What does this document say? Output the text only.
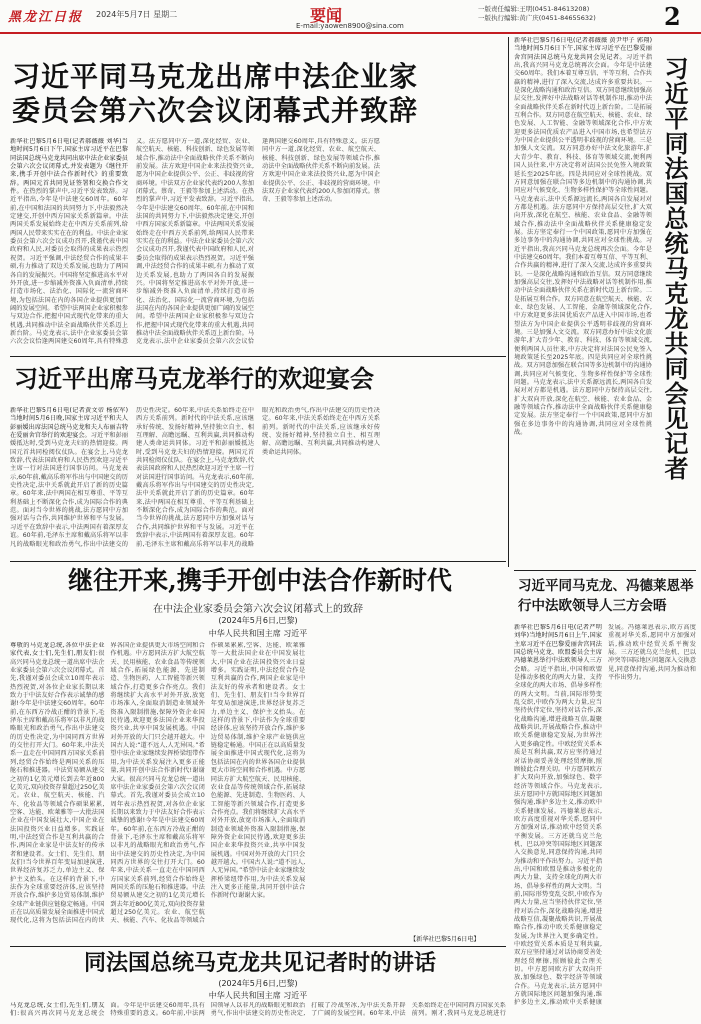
黑龙江日报 2024年5月7日 星期二	要闻
E-mail:yaowen8900@sina.com
一版责任编辑:王明(0451-84613208)
一版执行编辑:黄广庆(0451-84655632)	2
习近平同马克龙出席中法企业家
委员会第六次会议闭幕式并致辞
新华社巴黎5月6日电(记者郝薇薇 刘华)当地时间5月6日下午,国家主席习近平在巴黎同法国总统马克龙共同出席中法企业家委员会第六次会议闭幕式,并发表题为《继往开来,携手开创中法合作新时代》的重要致辞。两国元首共同见证签署和交换合作文件。在热烈的掌声中,习近平发表致辞。习近平指出,今年是中法建交60周年。60年前,在中国和法国的共同努力下,中法毅然决定建交,开创中西方国家关系新篇章。中法两国关系发展始终走在中西方关系前列,给两国人民带来实实在在的利益。中法企业家委员会第六次会议成功召开,我谨代表中国政府和人民,对委员会取得的成果表示热烈祝贺。习近平强调,中法经贸合作的成果丰硕,有力推动了双边关系发展,也助力了两国各自的发展振兴。中国将坚定推进高水平对外开放,进一步缩减外资准入负面清单,持续打造市场化、法治化、国际化一流营商环境,为包括法国在内的各国企业提供更加广阔的发展空间。希望中法两国企业家积极参与双边合作,把握中国式现代化带来的重大机遇,共同推动中法全面战略伙伴关系迈上新台阶。马克龙表示,法中企业家委员会第六次会议恰逢两国建交60周年,具有特殊意义。法方愿同中方一道,深化经贸、农业、航空航天、核能、科技创新、绿色发展等领域合作,推动法中全面战略伙伴关系不断向前发展。法方欢迎中国企业来法投资兴业,愿为中国企业提供公平、公正、非歧视的营商环境。中法双方企业家代表约200人参加闭幕式。蔡奇、王毅等参加上述活动。在热烈的掌声中,习近平发表致辞。习近平指出,今年是中法建交60周年。60年前,在中国和法国的共同努力下,中法毅然决定建交,开创中西方国家关系新篇章。中法两国关系发展始终走在中西方关系前列,给两国人民带来实实在在的利益。中法企业家委员会第六次会议成功召开,我谨代表中国政府和人民,对委员会取得的成果表示热烈祝贺。习近平强调,中法经贸合作的成果丰硕,有力推动了双边关系发展,也助力了两国各自的发展振兴。中国将坚定推进高水平对外开放,进一步缩减外资准入负面清单,持续打造市场化、法治化、国际化一流营商环境,为包括法国在内的各国企业提供更加广阔的发展空间。希望中法两国企业家积极参与双边合作,把握中国式现代化带来的重大机遇,共同推动中法全面战略伙伴关系迈上新台阶。马克龙表示,法中企业家委员会第六次会议恰逢两国建交60周年,具有特殊意义。法方愿同中方一道,深化经贸、农业、航空航天、核能、科技创新、绿色发展等领域合作,推动法中全面战略伙伴关系不断向前发展。法方欢迎中国企业来法投资兴业,愿为中国企业提供公平、公正、非歧视的营商环境。中法双方企业家代表约200人参加闭幕式。蔡奇、王毅等参加上述活动。
新华社巴黎5月6日电(记者郝薇薇 黄尹甲子 郭翔)当地时间5月6日下午,国家主席习近平在巴黎爱丽舍宫同法国总统马克龙共同会见记者。习近平指出,我高兴同马克龙总统再次会面。今年是中法建交60周年。我们本着互尊互信、平等互利、合作共赢的精神,进行了深入交流,达成许多重要共识。一是深化战略沟通和政治互信。双方同意继续加强高层交往,发挥好中法战略对话等机制作用,推动中法全面战略伙伴关系在新时代迈上新台阶。二是拓展互利合作。双方同意在航空航天、核能、农业、绿色发展、人工智能、金融等领域深化合作,中方欢迎更多法国优质农产品进入中国市场,也希望法方为中国企业提供公平透明非歧视的营商环境。三是加强人文交流。双方同意办好中法文化旅游年,扩大青少年、教育、科技、体育等领域交流,便利两国人员往来,中方决定将对法国公民免签入境政策延长至2025年底。四是共同应对全球性挑战。双方同意加强在联合国等多边机制中的沟通协调,共同应对气候变化、生物多样性保护等全球性问题。马克龙表示,法中关系源远流长,两国各自发展对对方都是机遇。法方愿同中方保持高层交往,扩大双向开放,深化在航空、核能、农业食品、金融等领域合作,推动法中全面战略伙伴关系健康稳定发展。法方坚定奉行一个中国政策,愿同中方加强在多边事务中的沟通协调,共同应对全球性挑战。习近平指出,我高兴同马克龙总统再次会面。今年是中法建交60周年。我们本着互尊互信、平等互利、合作共赢的精神,进行了深入交流,达成许多重要共识。一是深化战略沟通和政治互信。双方同意继续加强高层交往,发挥好中法战略对话等机制作用,推动中法全面战略伙伴关系在新时代迈上新台阶。二是拓展互利合作。双方同意在航空航天、核能、农业、绿色发展、人工智能、金融等领域深化合作,中方欢迎更多法国优质农产品进入中国市场,也希望法方为中国企业提供公平透明非歧视的营商环境。三是加强人文交流。双方同意办好中法文化旅游年,扩大青少年、教育、科技、体育等领域交流,便利两国人员往来,中方决定将对法国公民免签入境政策延长至2025年底。四是共同应对全球性挑战。双方同意加强在联合国等多边机制中的沟通协调,共同应对气候变化、生物多样性保护等全球性问题。马克龙表示,法中关系源远流长,两国各自发展对对方都是机遇。法方愿同中方保持高层交往,扩大双向开放,深化在航空、核能、农业食品、金融等领域合作,推动法中全面战略伙伴关系健康稳定发展。法方坚定奉行一个中国政策,愿同中方加强在多边事务中的沟通协调,共同应对全球性挑战。	习近平同法国总统马克龙共同会见记者
习近平出席马克龙举行的欢迎宴会
新华社巴黎5月6日电(记者黄文帝 杨依军)当地时间5月6日晚,国家主席习近平和夫人彭丽媛出席法国总统马克龙和夫人布丽吉特在爱丽舍宫举行的欢迎宴会。习近平和彭丽媛抵达时,受到马克龙夫妇的热情迎接。两国元首共同检阅仪仗队。在宴会上,马克龙致辞,代表法国政府和人民热烈欢迎习近平主席一行对法国进行国事访问。马克龙表示,60年前,戴高乐将军作出与中国建交的历史性决定,法中关系就此开启了新的历史篇章。60年来,法中两国在相互尊重、平等互利基础上不断深化合作,成为国际合作的典范。面对当今世界的挑战,法方愿同中方加强对话与合作,共同维护世界和平与发展。习近平在致辞中表示,中法两国有着深厚友谊。60年前,毛泽东主席和戴高乐将军以非凡的战略眼光和政治勇气,作出中法建交的历史性决定。60年来,中法关系始终走在中西方关系前列。新时代的中法关系,应该继承好传统、发扬好精神,坚持独立自主、相互理解、高瞻远瞩、互利共赢,共同推动构建人类命运共同体。习近平和彭丽媛抵达时,受到马克龙夫妇的热情迎接。两国元首共同检阅仪仗队。在宴会上,马克龙致辞,代表法国政府和人民热烈欢迎习近平主席一行对法国进行国事访问。马克龙表示,60年前,戴高乐将军作出与中国建交的历史性决定,法中关系就此开启了新的历史篇章。60年来,法中两国在相互尊重、平等互利基础上不断深化合作,成为国际合作的典范。面对当今世界的挑战,法方愿同中方加强对话与合作,共同维护世界和平与发展。习近平在致辞中表示,中法两国有着深厚友谊。60年前,毛泽东主席和戴高乐将军以非凡的战略眼光和政治勇气,作出中法建交的历史性决定。60年来,中法关系始终走在中西方关系前列。新时代的中法关系,应该继承好传统、发扬好精神,坚持独立自主、相互理解、高瞻远瞩、互利共赢,共同推动构建人类命运共同体。
继往开来,携手开创中法合作新时代
在中法企业家委员会第六次会议闭幕式上的致辞
(2024年5月6日,巴黎)
中华人民共和国主席 习近平
尊敬的马克龙总统,各位中法企业家代表,女士们,先生们,朋友们:很高兴同马克龙总统一道出席中法企业家委员会第六次会议闭幕式。首先,我谨对委员会成立10周年表示热烈祝贺,对各位企业家长期以来致力于中法友好合作表示诚挚的感谢!今年是中法建交60周年。60年前,在东西方冷战正酣的背景下,毛泽东主席和戴高乐将军以非凡的战略眼光和政治勇气,作出中法建交的历史性决定,为中国同西方世界的交往打开大门。60年来,中法关系一直走在中国同西方国家关系前列,经贸合作始终是两国关系的压舱石和推进器。中法贸易额从建交之初的1亿美元增长到去年近800亿美元,双向投资存量超过250亿美元。农业、航空航天、核能、汽车、化妆品等领域合作硕果累累,空客、达能、欧莱雅等一大批法国企业在中国发展壮大,中国企业在法国投资兴业日益增多。实践证明,中法经贸合作是互利共赢的合作,两国企业家是中法友好的传承者和建设者。女士们、先生们、朋友们!当今世界百年变局加速演进,世界经济复苏乏力,单边主义、保护主义抬头。在这样的背景下,中法作为全球重要经济体,应该坚持开放合作,维护多边贸易体制,维护全球产业链供应链稳定畅通。中国正在以高质量发展全面推进中国式现代化,这将为包括法国在内的世界各国企业提供更大市场空间和合作机遇。中方愿同法方扩大航空航天、民用核能、农业食品等传统领域合作,拓展绿色能源、先进制造、生物医药、人工智能等新兴领域合作,打造更多合作亮点。我们将继续扩大高水平对外开放,放宽市场准入,全面取消制造业领域外资准入限制措施,保障外资企业国民待遇,欢迎更多法国企业来华投资兴业,共享中国发展机遇。中国对外开放的大门只会越开越大。中国古人说:“道不远人,人无异国。”希望中法企业家继续发挥桥梁纽带作用,为中法关系发展注入更多正能量,共同开创中法合作新时代!谢谢大家。很高兴同马克龙总统一道出席中法企业家委员会第六次会议闭幕式。首先,我谨对委员会成立10周年表示热烈祝贺,对各位企业家长期以来致力于中法友好合作表示诚挚的感谢!今年是中法建交60周年。60年前,在东西方冷战正酣的背景下,毛泽东主席和戴高乐将军以非凡的战略眼光和政治勇气,作出中法建交的历史性决定,为中国同西方世界的交往打开大门。60年来,中法关系一直走在中国同西方国家关系前列,经贸合作始终是两国关系的压舱石和推进器。中法贸易额从建交之初的1亿美元增长到去年近800亿美元,双向投资存量超过250亿美元。农业、航空航天、核能、汽车、化妆品等领域合作硕果累累,空客、达能、欧莱雅等一大批法国企业在中国发展壮大,中国企业在法国投资兴业日益增多。实践证明,中法经贸合作是互利共赢的合作,两国企业家是中法友好的传承者和建设者。女士们、先生们、朋友们!当今世界百年变局加速演进,世界经济复苏乏力,单边主义、保护主义抬头。在这样的背景下,中法作为全球重要经济体,应该坚持开放合作,维护多边贸易体制,维护全球产业链供应链稳定畅通。中国正在以高质量发展全面推进中国式现代化,这将为包括法国在内的世界各国企业提供更大市场空间和合作机遇。中方愿同法方扩大航空航天、民用核能、农业食品等传统领域合作,拓展绿色能源、先进制造、生物医药、人工智能等新兴领域合作,打造更多合作亮点。我们将继续扩大高水平对外开放,放宽市场准入,全面取消制造业领域外资准入限制措施,保障外资企业国民待遇,欢迎更多法国企业来华投资兴业,共享中国发展机遇。中国对外开放的大门只会越开越大。中国古人说:“道不远人,人无异国。”希望中法企业家继续发挥桥梁纽带作用,为中法关系发展注入更多正能量,共同开创中法合作新时代!谢谢大家。
【新华社巴黎5月6日电】
习近平同马克龙、冯德莱恩举行中法欧领导人三方会晤
新华社巴黎5月6日电(记者严明 刘华)当地时间5月6日上午,国家主席习近平在巴黎爱丽舍宫同法国总统马克龙、欧盟委员会主席冯德莱恩举行中法欧领导人三方会晤。习近平指出,中国和欧盟是推动多极化的两大力量、支持全球化的两大市场、倡导多样性的两大文明。当前,国际形势变乱交织,中欧作为两大力量,应当坚持伙伴定位,坚持对话合作,深化战略沟通,增进战略互信,凝聚战略共识,开展战略合作,推动中欧关系健康稳定发展,为世界注入更多确定性。中欧经贸关系本质是互利共赢,双方应坚持通过对话协商妥善处理经贸摩擦,照顾彼此合理关切。中方愿同欧方扩大双向开放,加强绿色、数字经济等领域合作。马克龙表示,法方愿同中方就国际地区问题加强沟通,维护多边主义,推动欧中关系健康发展。冯德莱恩表示,欧方高度重视对华关系,愿同中方加强对话,推动欧中经贸关系平衡发展。三方还就乌克兰危机、巴以冲突等国际地区问题深入交换意见,同意保持沟通,共同为推动和平作出努力。习近平指出,中国和欧盟是推动多极化的两大力量、支持全球化的两大市场、倡导多样性的两大文明。当前,国际形势变乱交织,中欧作为两大力量,应当坚持伙伴定位,坚持对话合作,深化战略沟通,增进战略互信,凝聚战略共识,开展战略合作,推动中欧关系健康稳定发展,为世界注入更多确定性。中欧经贸关系本质是互利共赢,双方应坚持通过对话协商妥善处理经贸摩擦,照顾彼此合理关切。中方愿同欧方扩大双向开放,加强绿色、数字经济等领域合作。马克龙表示,法方愿同中方就国际地区问题加强沟通,维护多边主义,推动欧中关系健康发展。冯德莱恩表示,欧方高度重视对华关系,愿同中方加强对话,推动欧中经贸关系平衡发展。三方还就乌克兰危机、巴以冲突等国际地区问题深入交换意见,同意保持沟通,共同为推动和平作出努力。
同法国总统马克龙共见记者时的讲话
(2024年5月6日,巴黎)
中华人民共和国主席 习近平
马克龙总统,女士们,先生们,朋友们:很高兴再次同马克龙总统会面。今年是中法建交60周年,具有特殊重要的意义。60年前,中法两国领导人以非凡的战略眼光和政治勇气,作出中法建交的历史性决定,打破了冷战坚冰,为中法关系开辟了广阔的发展空间。60年来,中法关系始终走在中国同西方国家关系前列。刚才,我同马克龙总统进行
